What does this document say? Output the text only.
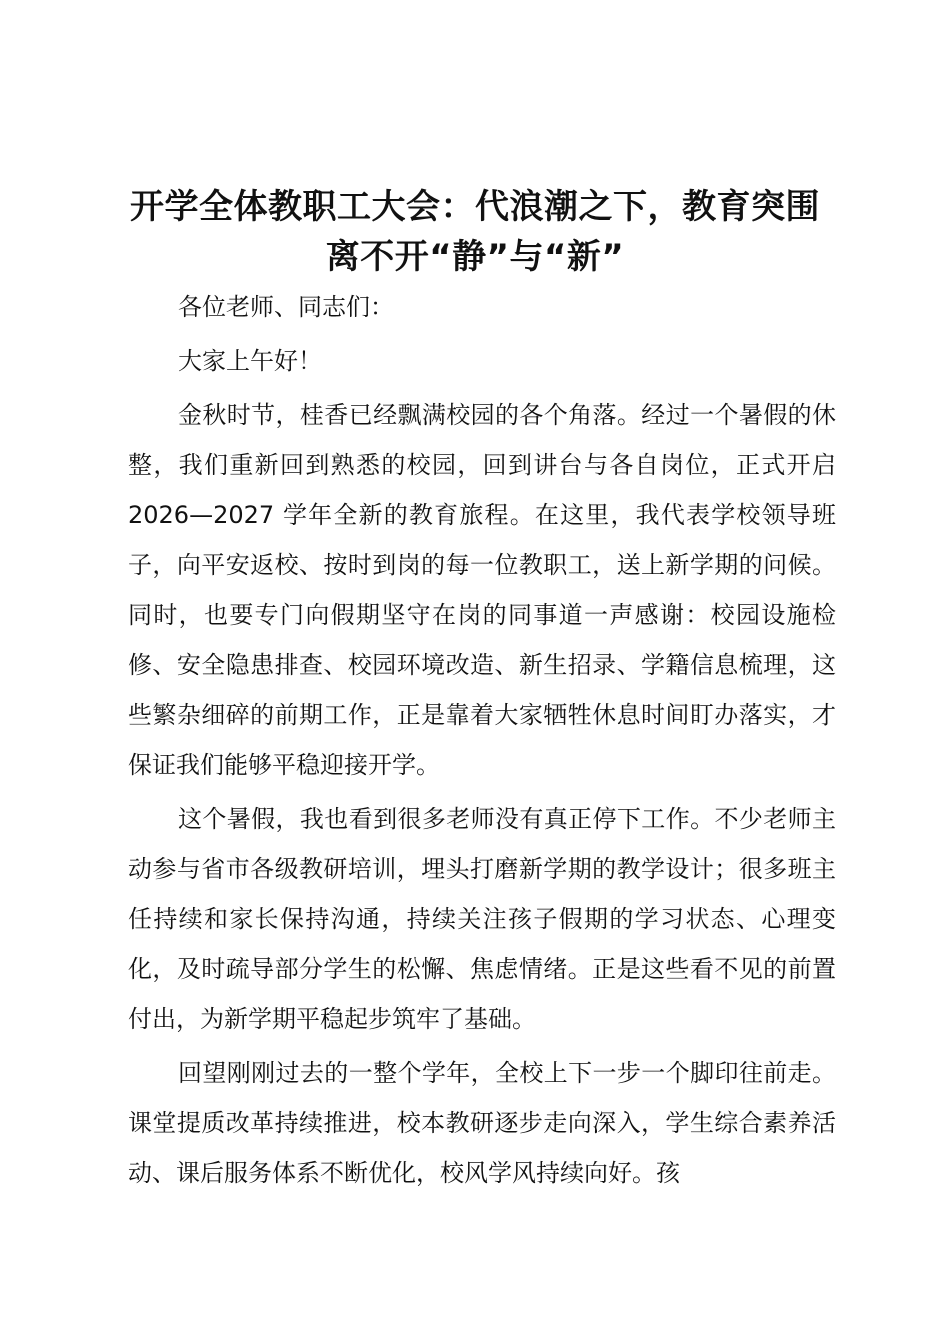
开学全体教职工大会：代浪潮之下，教育突围
离不开“静”与“新”

各位老师、同志们：

大家上午好！

金秋时节，桂香已经飘满校园的各个角落。经过一个暑假的休整，我们重新回到熟悉的校园，回到讲台与各自岗位，正式开启 2026—2027 学年全新的教育旅程。在这里，我代表学校领导班子，向平安返校、按时到岗的每一位教职工，送上新学期的问候。同时，也要专门向假期坚守在岗的同事道一声感谢：校园设施检修、安全隐患排查、校园环境改造、新生招录、学籍信息梳理，这些繁杂细碎的前期工作，正是靠着大家牺牲休息时间盯办落实，才保证我们能够平稳迎接开学。

这个暑假，我也看到很多老师没有真正停下工作。不少老师主动参与省市各级教研培训，埋头打磨新学期的教学设计；很多班主任持续和家长保持沟通，持续关注孩子假期的学习状态、心理变化，及时疏导部分学生的松懈、焦虑情绪。正是这些看不见的前置付出，为新学期平稳起步筑牢了基础。

回望刚刚过去的一整个学年，全校上下一步一个脚印往前走。课堂提质改革持续推进，校本教研逐步走向深入，学生综合素养活动、课后服务体系不断优化，校风学风持续向好。孩
